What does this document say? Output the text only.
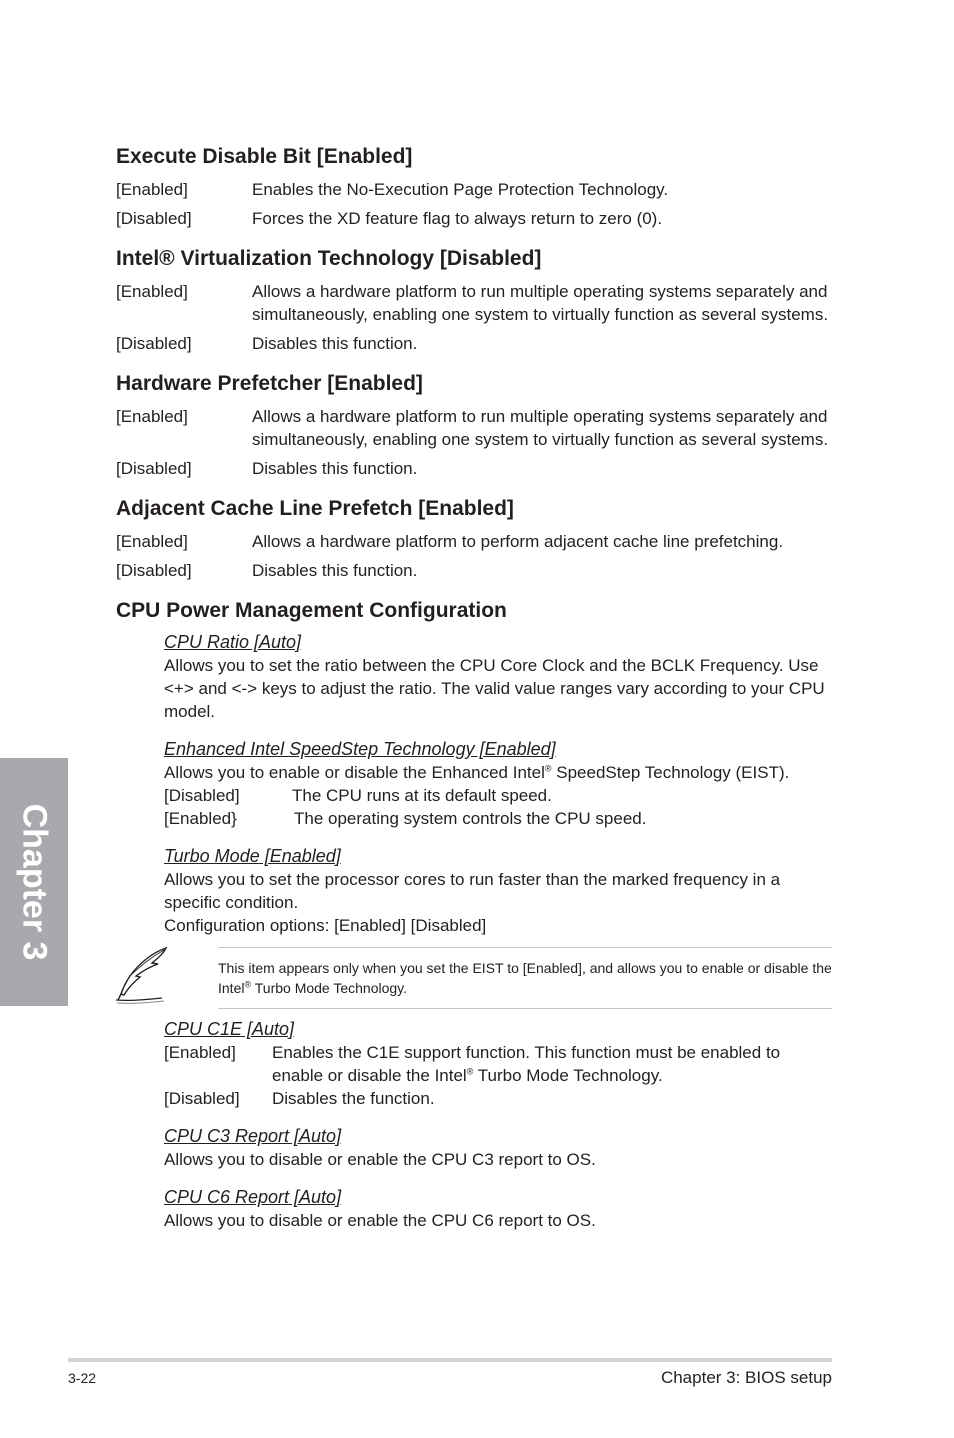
Chapter 3
Execute Disable Bit [Enabled]
[Enabled]	Enables the No-Execution Page Protection Technology.
[Disabled]	Forces the XD feature flag to always return to zero (0).
Intel® Virtualization Technology [Disabled]
[Enabled]	Allows a hardware platform to run multiple operating systems separately and simultaneously, enabling one system to virtually function as several systems.
[Disabled]	Disables this function.
Hardware Prefetcher [Enabled]
[Enabled]	Allows a hardware platform to run multiple operating systems separately and simultaneously, enabling one system to virtually function as several systems.
[Disabled]	Disables this function.
Adjacent Cache Line Prefetch [Enabled]
[Enabled]	Allows a hardware platform to perform adjacent cache line prefetching.
[Disabled]	Disables this function.
CPU Power Management Configuration

CPU Ratio [Auto]

Allows you to set the ratio between the CPU Core Clock and the BCLK Frequency. Use <+> and <-> keys to adjust the ratio. The valid value ranges vary according to your CPU model.

Enhanced Intel SpeedStep Technology [Enabled]

Allows you to enable or disable the Enhanced Intel® SpeedStep Technology (EIST).

[Disabled]	The CPU runs at its default speed.
[Enabled}	The operating system controls the CPU speed.

Turbo Mode [Enabled]

Allows you to set the processor cores to run faster than the marked frequency in a specific condition.

Configuration options: [Enabled] [Disabled]

This item appears only when you set the EIST to [Enabled], and allows you to enable or disable the Intel® Turbo Mode Technology.

CPU C1E [Auto]

[Enabled]	Enables the C1E support function. This function must be enabled to enable or disable the Intel® Turbo Mode Technology.
[Disabled]	Disables the function.

CPU C3 Report [Auto]

Allows you to disable or enable the CPU C3 report to OS.

CPU C6 Report [Auto]

Allows you to disable or enable the CPU C6 report to OS.

3-22	Chapter 3: BIOS setup
